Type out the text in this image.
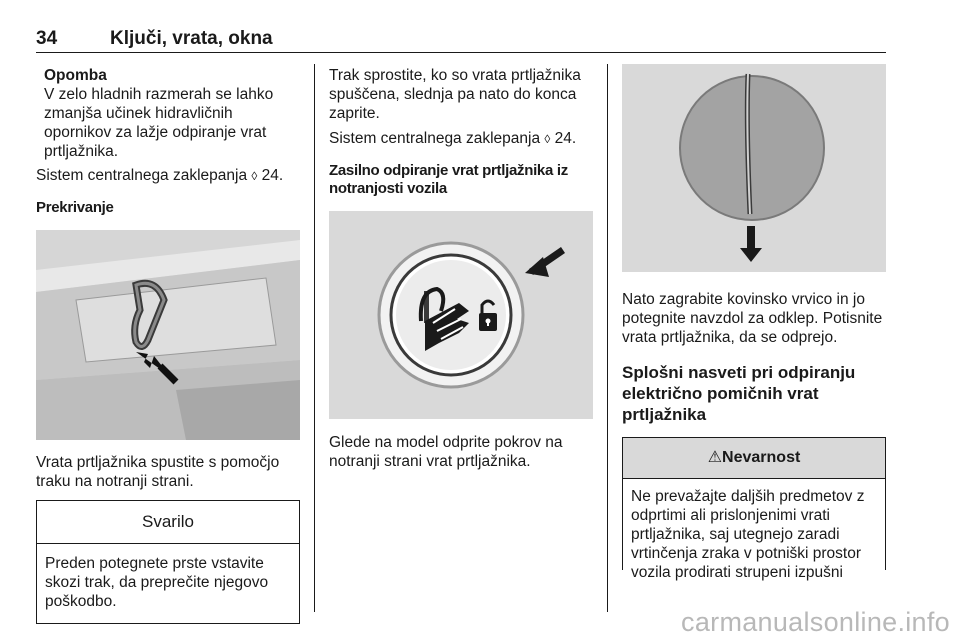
34	Ključi, vrata, okna

Opomba

V zelo hladnih razmerah se lahko zmanjša učinek hidravličnih opornikov za lažje odpiranje vrat prtljažnika.

Sistem centralnega zaklepanja ◊ 24.

Prekrivanje

Vrata prtljažnika spustite s pomočjo traku na notranji strani.

Svarilo
Preden potegnete prste vstavite skozi trak, da preprečite njegovo poškodbo.

Trak sprostite, ko so vrata prtljažnika spuščena, slednja pa nato do konca zaprite.

Sistem centralnega zaklepanja ◊ 24.

Zasilno odpiranje vrat prtljažnika iz notranjosti vozila

Glede na model odprite pokrov na notranji strani vrat prtljažnika.

Nato zagrabite kovinsko vrvico in jo potegnite navzdol za odklep. Potisnite vrata prtljažnika, da se odprejo.

Splošni nasveti pri odpiranju električno pomičnih vrat prtljažnika

⚠Nevarnost
Ne prevažajte daljših predmetov z odprtimi ali prislonjenimi vrati prtljažnika, saj utegnejo zaradi vrtinčenja zraka v potniški prostor vozila prodirati strupeni izpušni
carmanualsonline.info
